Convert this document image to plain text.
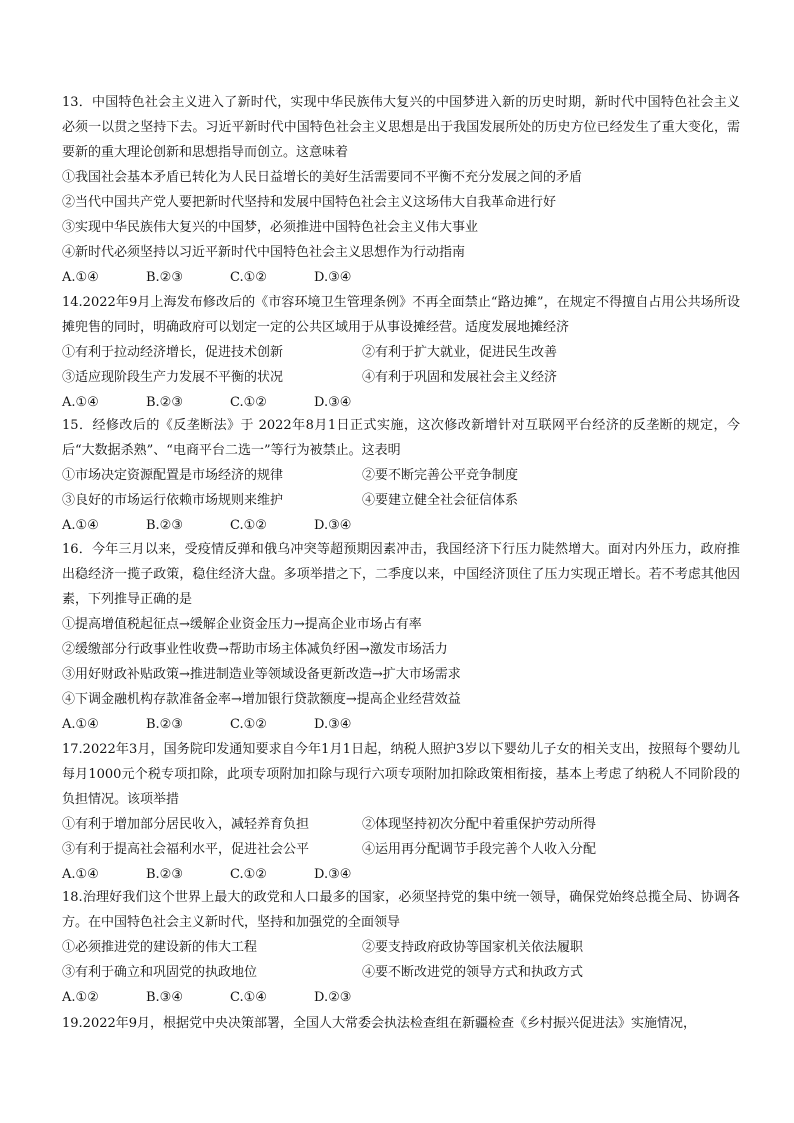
13．中国特色社会主义进入了新时代，实现中华民族伟大复兴的中国梦进入新的历史时期，新时代中国特色社会主义必须一以贯之坚持下去。习近平新时代中国特色社会主义思想是出于我国发展所处的历史方位已经发生了重大变化，需要新的重大理论创新和思想指导而创立。这意味着

①我国社会基本矛盾已转化为人民日益增长的美好生活需要同不平衡不充分发展之间的矛盾
②当代中国共产党人要把新时代坚持和发展中国特色社会主义这场伟大自我革命进行好
③实现中华民族伟大复兴的中国梦，必须推进中国特色社会主义伟大事业
④新时代必须坚持以习近平新时代中国特色社会主义思想作为行动指南
A.①④	B.②③	C.①②	D.③④

14.2022年9月上海发布修改后的《市容环境卫生管理条例》不再全面禁止“路边摊”，在规定不得擅自占用公共场所设摊兜售的同时，明确政府可以划定一定的公共区域用于从事设摊经营。适度发展地摊经济

①有利于拉动经济增长，促进技术创新	②有利于扩大就业，促进民生改善
③适应现阶段生产力发展不平衡的状况	④有利于巩固和发展社会主义经济
A.①④	B.②③	C.①②	D.③④

15．经修改后的《反垄断法》于 2022年8月1日正式实施，这次修改新增针对互联网平台经济的反垄断的规定，今后“大数据杀熟”、“电商平台二选一”等行为被禁止。这表明

①市场决定资源配置是市场经济的规律	②要不断完善公平竞争制度
③良好的市场运行依赖市场规则来维护	④要建立健全社会征信体系
A.①④	B.②③	C.①②	D.③④

16．今年三月以来，受疫情反弹和俄乌冲突等超预期因素冲击，我国经济下行压力陡然增大。面对内外压力，政府推出稳经济一揽子政策，稳住经济大盘。多项举措之下，二季度以来，中国经济顶住了压力实现正增长。若不考虑其他因素，下列推导正确的是

①提高增值税起征点→缓解企业资金压力→提高企业市场占有率
②缓缴部分行政事业性收费→帮助市场主体减负纾困→激发市场活力
③用好财政补贴政策→推进制造业等领域设备更新改造→扩大市场需求
④下调金融机构存款准备金率→增加银行贷款额度→提高企业经营效益
A.①④	B.②③	C.①②	D.③④

17.2022年3月，国务院印发通知要求自今年1月1日起，纳税人照护3岁以下婴幼儿子女的相关支出，按照每个婴幼儿每月1000元个税专项扣除，此项专项附加扣除与现行六项专项附加扣除政策相衔接，基本上考虑了纳税人不同阶段的负担情况。该项举措

①有利于增加部分居民收入，减轻养育负担	②体现坚持初次分配中着重保护劳动所得
③有利于提高社会福利水平，促进社会公平	④运用再分配调节手段完善个人收入分配
A.①④	B.②③	C.①②	D.③④

18.治理好我们这个世界上最大的政党和人口最多的国家，必须坚持党的集中统一领导，确保党始终总揽全局、协调各方。在中国特色社会主义新时代，坚持和加强党的全面领导

①必须推进党的建设新的伟大工程	②要支持政府政协等国家机关依法履职
③有利于确立和巩固党的执政地位	④要不断改进党的领导方式和执政方式
A.①②	B.③④	C.①④	D.②③

19.2022年9月，根据党中央决策部署，全国人大常委会执法检查组在新疆检查《乡村振兴促进法》实施情况，
